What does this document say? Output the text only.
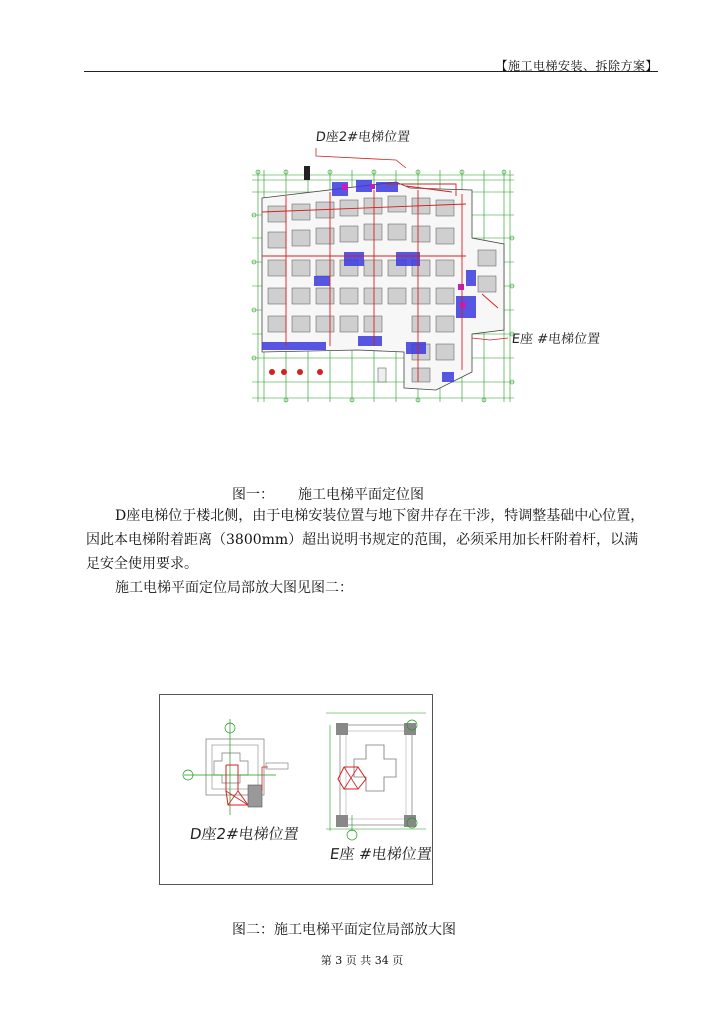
【施工电梯安装、拆除方案】
D座2#电梯位置
E座 #电梯位置
图一： 施工电梯平面定位图
D座电梯位于楼北侧，由于电梯安装位置与地下窗井存在干涉，特调整基础中心位置，
因此本电梯附着距离（3800mm）超出说明书规定的范围，必须采用加长杆附着杆，以满
足安全使用要求。
施工电梯平面定位局部放大图见图二：
D座2#电梯位置
E座 #电梯位置
图二：施工电梯平面定位局部放大图
第 3 页 共 34 页
